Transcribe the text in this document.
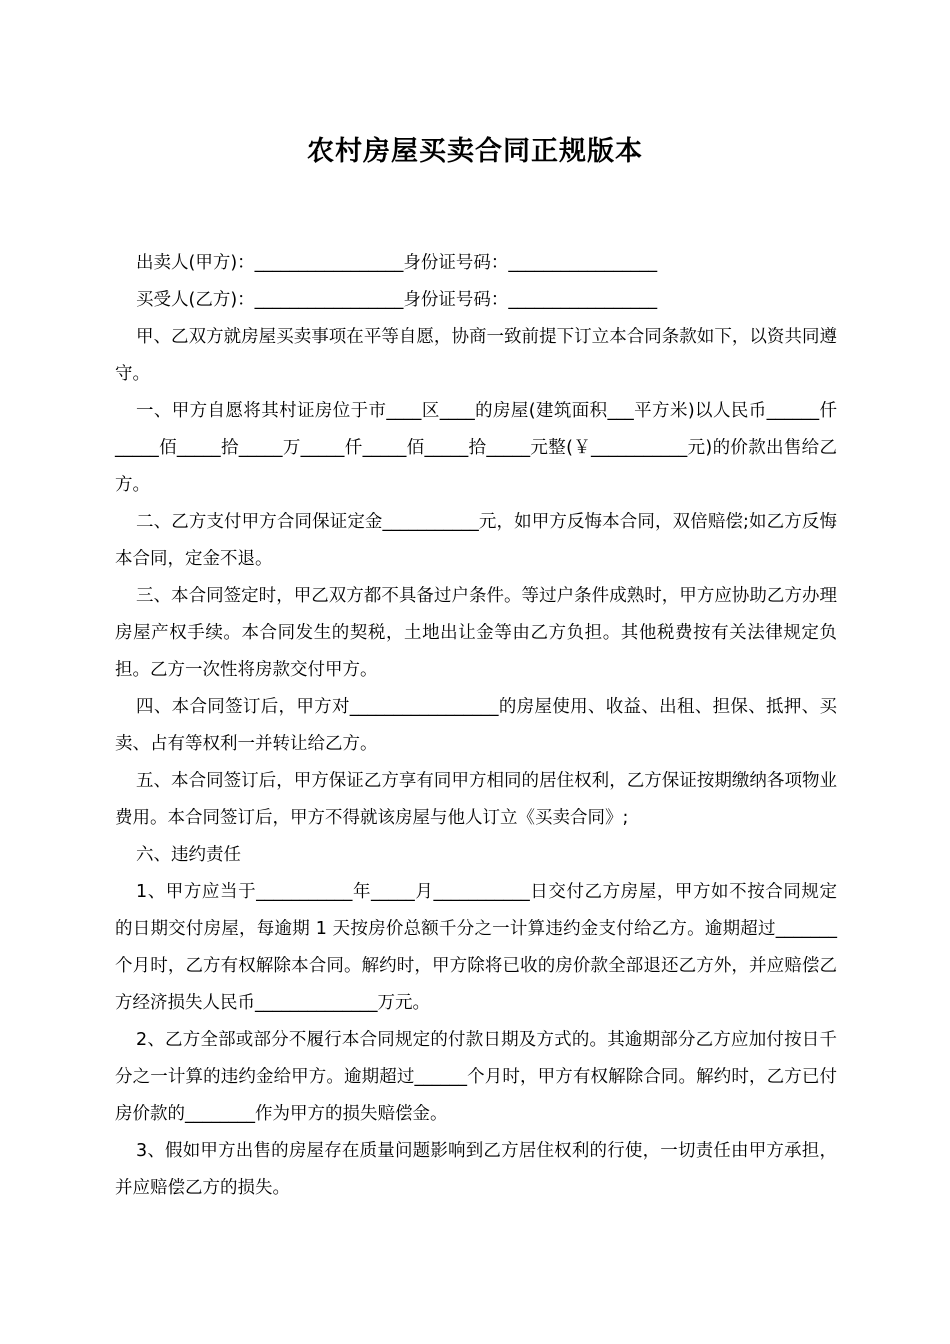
农村房屋买卖合同正规版本

出卖人(甲方)：_________________身份证号码：_________________

买受人(乙方)：_________________身份证号码：_________________

甲、乙双方就房屋买卖事项在平等自愿，协商一致前提下订立本合同条款如下，以资共同遵守。

一、甲方自愿将其村证房位于市____区____的房屋(建筑面积___平方米)以人民币______仟_____佰_____拾_____万_____仟_____佰_____拾_____元整(￥___________元)的价款出售给乙方。

二、乙方支付甲方合同保证定金___________元，如甲方反悔本合同，双倍赔偿;如乙方反悔本合同，定金不退。

三、本合同签定时，甲乙双方都不具备过户条件。等过户条件成熟时，甲方应协助乙方办理房屋产权手续。本合同发生的契税，土地出让金等由乙方负担。其他税费按有关法律规定负担。乙方一次性将房款交付甲方。

四、本合同签订后，甲方对_________________的房屋使用、收益、出租、担保、抵押、买卖、占有等权利一并转让给乙方。

五、本合同签订后，甲方保证乙方享有同甲方相同的居住权利，乙方保证按期缴纳各项物业费用。本合同签订后，甲方不得就该房屋与他人订立《买卖合同》;

六、违约责任

1、甲方应当于___________年_____月___________日交付乙方房屋，甲方如不按合同规定的日期交付房屋，每逾期 1 天按房价总额千分之一计算违约金支付给乙方。逾期超过_______个月时，乙方有权解除本合同。解约时，甲方除将已收的房价款全部退还乙方外，并应赔偿乙方经济损失人民币______________万元。

2、乙方全部或部分不履行本合同规定的付款日期及方式的。其逾期部分乙方应加付按日千分之一计算的违约金给甲方。逾期超过______个月时，甲方有权解除合同。解约时，乙方已付房价款的________作为甲方的损失赔偿金。

3、假如甲方出售的房屋存在质量问题影响到乙方居住权利的行使，一切责任由甲方承担，并应赔偿乙方的损失。
